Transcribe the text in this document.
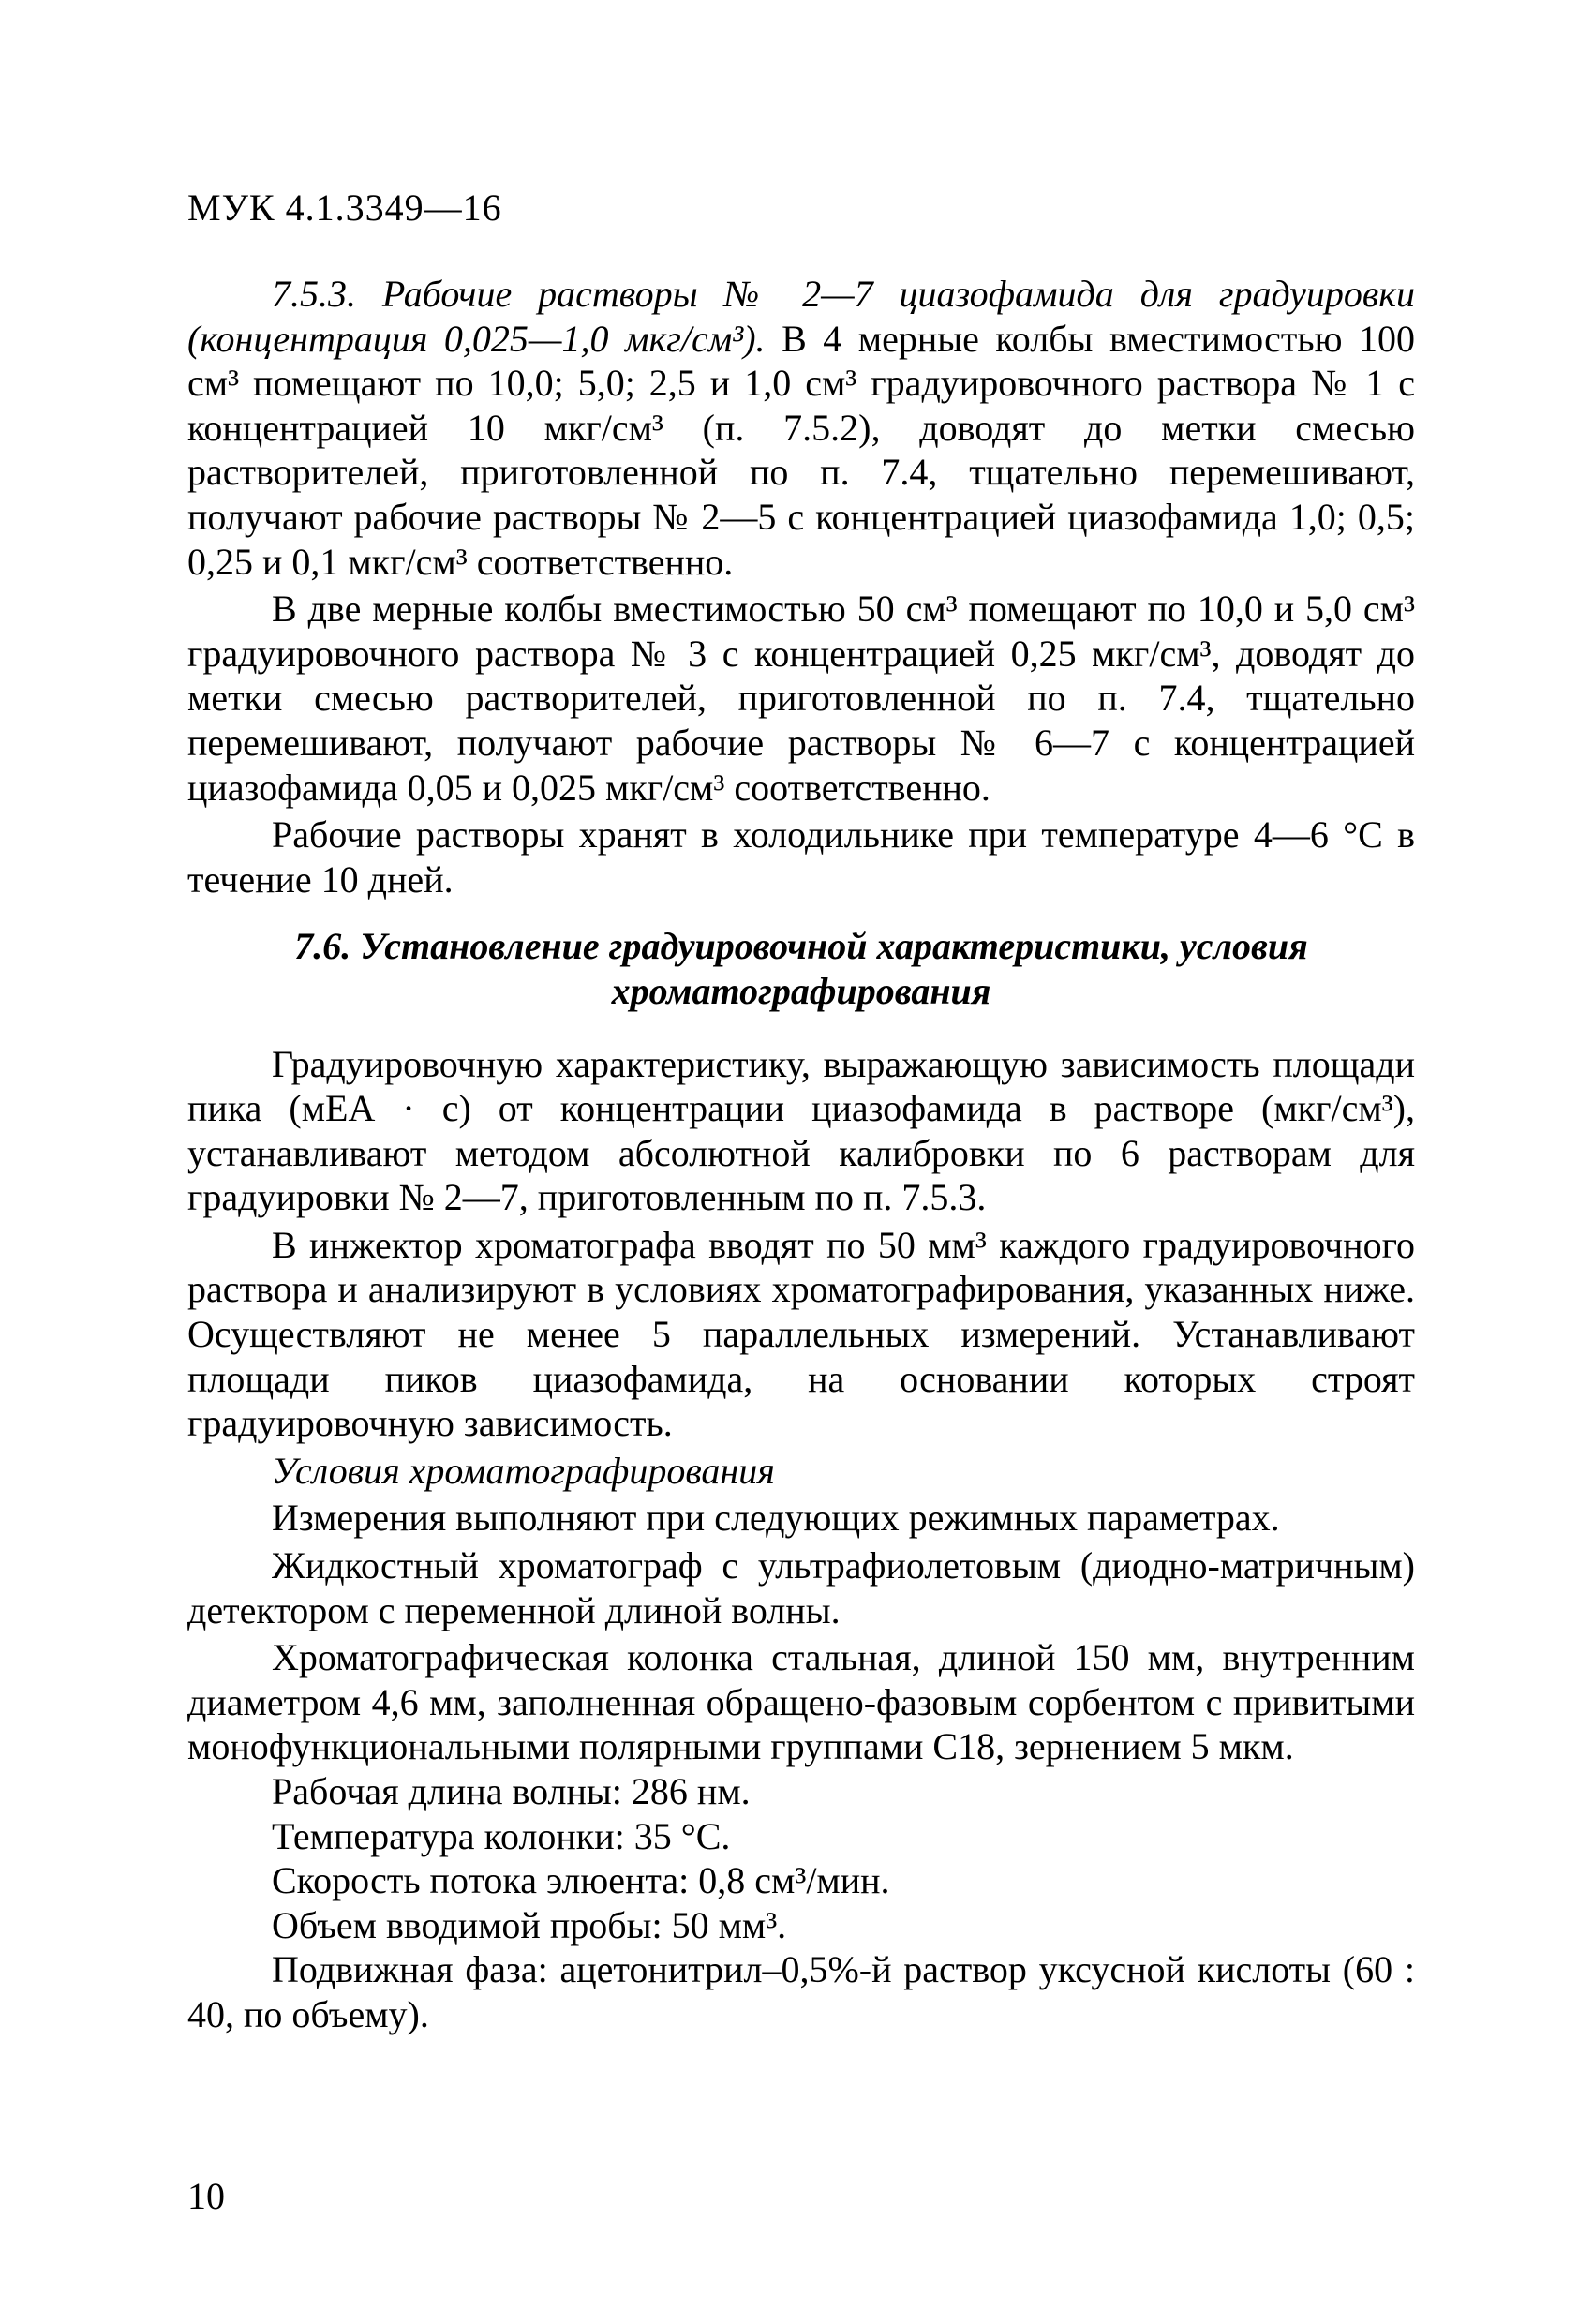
МУК 4.1.3349—16

7.5.3. Рабочие растворы № 2—7 циазофамида для градуировки (концентрация 0,025—1,0 мкг/см³). В 4 мерные колбы вместимостью 100 см³ помещают по 10,0; 5,0; 2,5 и 1,0 см³ градуировочного раствора № 1 с концентрацией 10 мкг/см³ (п. 7.5.2), доводят до метки смесью растворителей, приготовленной по п. 7.4, тщательно перемешивают, получают рабочие растворы № 2—5 с концентрацией циазофамида 1,0; 0,5; 0,25 и 0,1 мкг/см³ соответственно.

В две мерные колбы вместимостью 50 см³ помещают по 10,0 и 5,0 см³ градуировочного раствора № 3 с концентрацией 0,25 мкг/см³, доводят до метки смесью растворителей, приготовленной по п. 7.4, тщательно перемешивают, получают рабочие растворы № 6—7 с концентрацией циазофамида 0,05 и 0,025 мкг/см³ соответственно.

Рабочие растворы хранят в холодильнике при температуре 4—6 °С в течение 10 дней.

7.6. Установление градуировочной характеристики, условия хроматографирования

Градуировочную характеристику, выражающую зависимость площади пика (мЕА · с) от концентрации циазофамида в растворе (мкг/см³), устанавливают методом абсолютной калибровки по 6 растворам для градуировки № 2—7, приготовленным по п. 7.5.3.

В инжектор хроматографа вводят по 50 мм³ каждого градуировочного раствора и анализируют в условиях хроматографирования, указанных ниже. Осуществляют не менее 5 параллельных измерений. Устанавливают площади пиков циазофамида, на основании которых строят градуировочную зависимость.

Условия хроматографирования

Измерения выполняют при следующих режимных параметрах.

Жидкостный хроматограф с ультрафиолетовым (диодно-матричным) детектором с переменной длиной волны.

Хроматографическая колонка стальная, длиной 150 мм, внутренним диаметром 4,6 мм, заполненная обращено-фазовым сорбентом с привитыми монофункциональными полярными группами С18, зернением 5 мкм.

Рабочая длина волны: 286 нм.

Температура колонки: 35 °С.

Скорость потока элюента: 0,8 см³/мин.

Объем вводимой пробы: 50 мм³.

Подвижная фаза: ацетонитрил–0,5%-й раствор уксусной кислоты (60 : 40, по объему).

10
